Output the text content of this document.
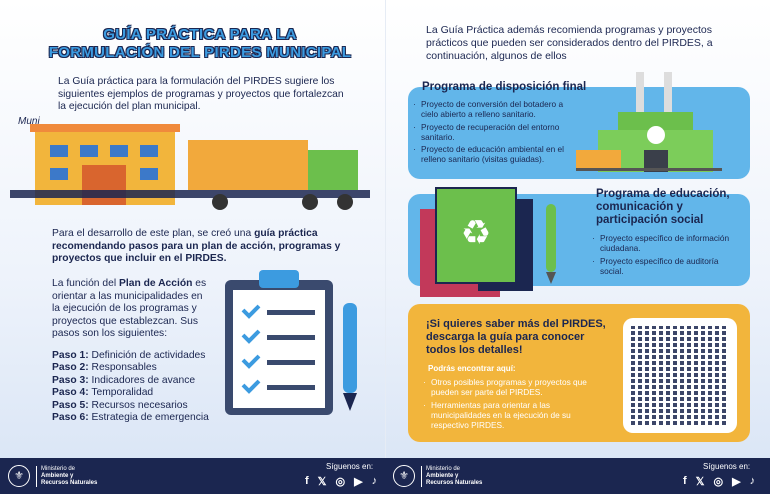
GUÍA PRÁCTICA PARA LA
FORMULACIÓN DEL PIRDES MUNICIPAL
La Guía práctica para la formulación del PIRDES sugiere los siguientes ejemplos de programas y proyectos que fortalezcan la ejecución del plan municipal.
Muni
Para el desarrollo de este plan, se creó una guía práctica recomendando pasos para un plan de acción, programas y proyectos que incluir en el PIRDES.
La función del Plan de Acción es orientar a las municipalidades en la ejecución de los programas y proyectos que establezcan. Sus pasos son los siguientes:
Paso 1: Definición de actividades
Paso 2: Responsables
Paso 3: Indicadores de avance
Paso 4: Temporalidad
Paso 5: Recursos necesarios
Paso 6: Estrategia de emergencia
La Guía Práctica además recomienda programas y proyectos prácticos que pueden ser considerados dentro del PIRDES, a continuación, algunos de ellos
Programa de disposición final
· Proyecto de conversión del botadero a cielo abierto a relleno sanitario.
· Proyecto de recuperación del entorno sanitario.
· Proyecto de educación ambiental en el relleno sanitario (visitas guiadas).
♻
Programa de educación, comunicación y participación social
· Proyecto específico de información ciudadana.
· Proyecto específico de auditoría social.
¡Si quieres saber más del PIRDES, descarga la guía para conocer todos los detalles!
Podrás encontrar aquí:
· Otros posibles programas y proyectos que pueden ser parte del PIRDES.
· Herramientas para orientar a las municipalidades en la ejecución de su respectivo PIRDES.
⚜
Ministerio de
Ambiente y
Recursos Naturales
Síguenos en:
f 𝕏 ◎ ▶ ♪	⚜
Ministerio de
Ambiente y
Recursos Naturales
Síguenos en:
f 𝕏 ◎ ▶ ♪
